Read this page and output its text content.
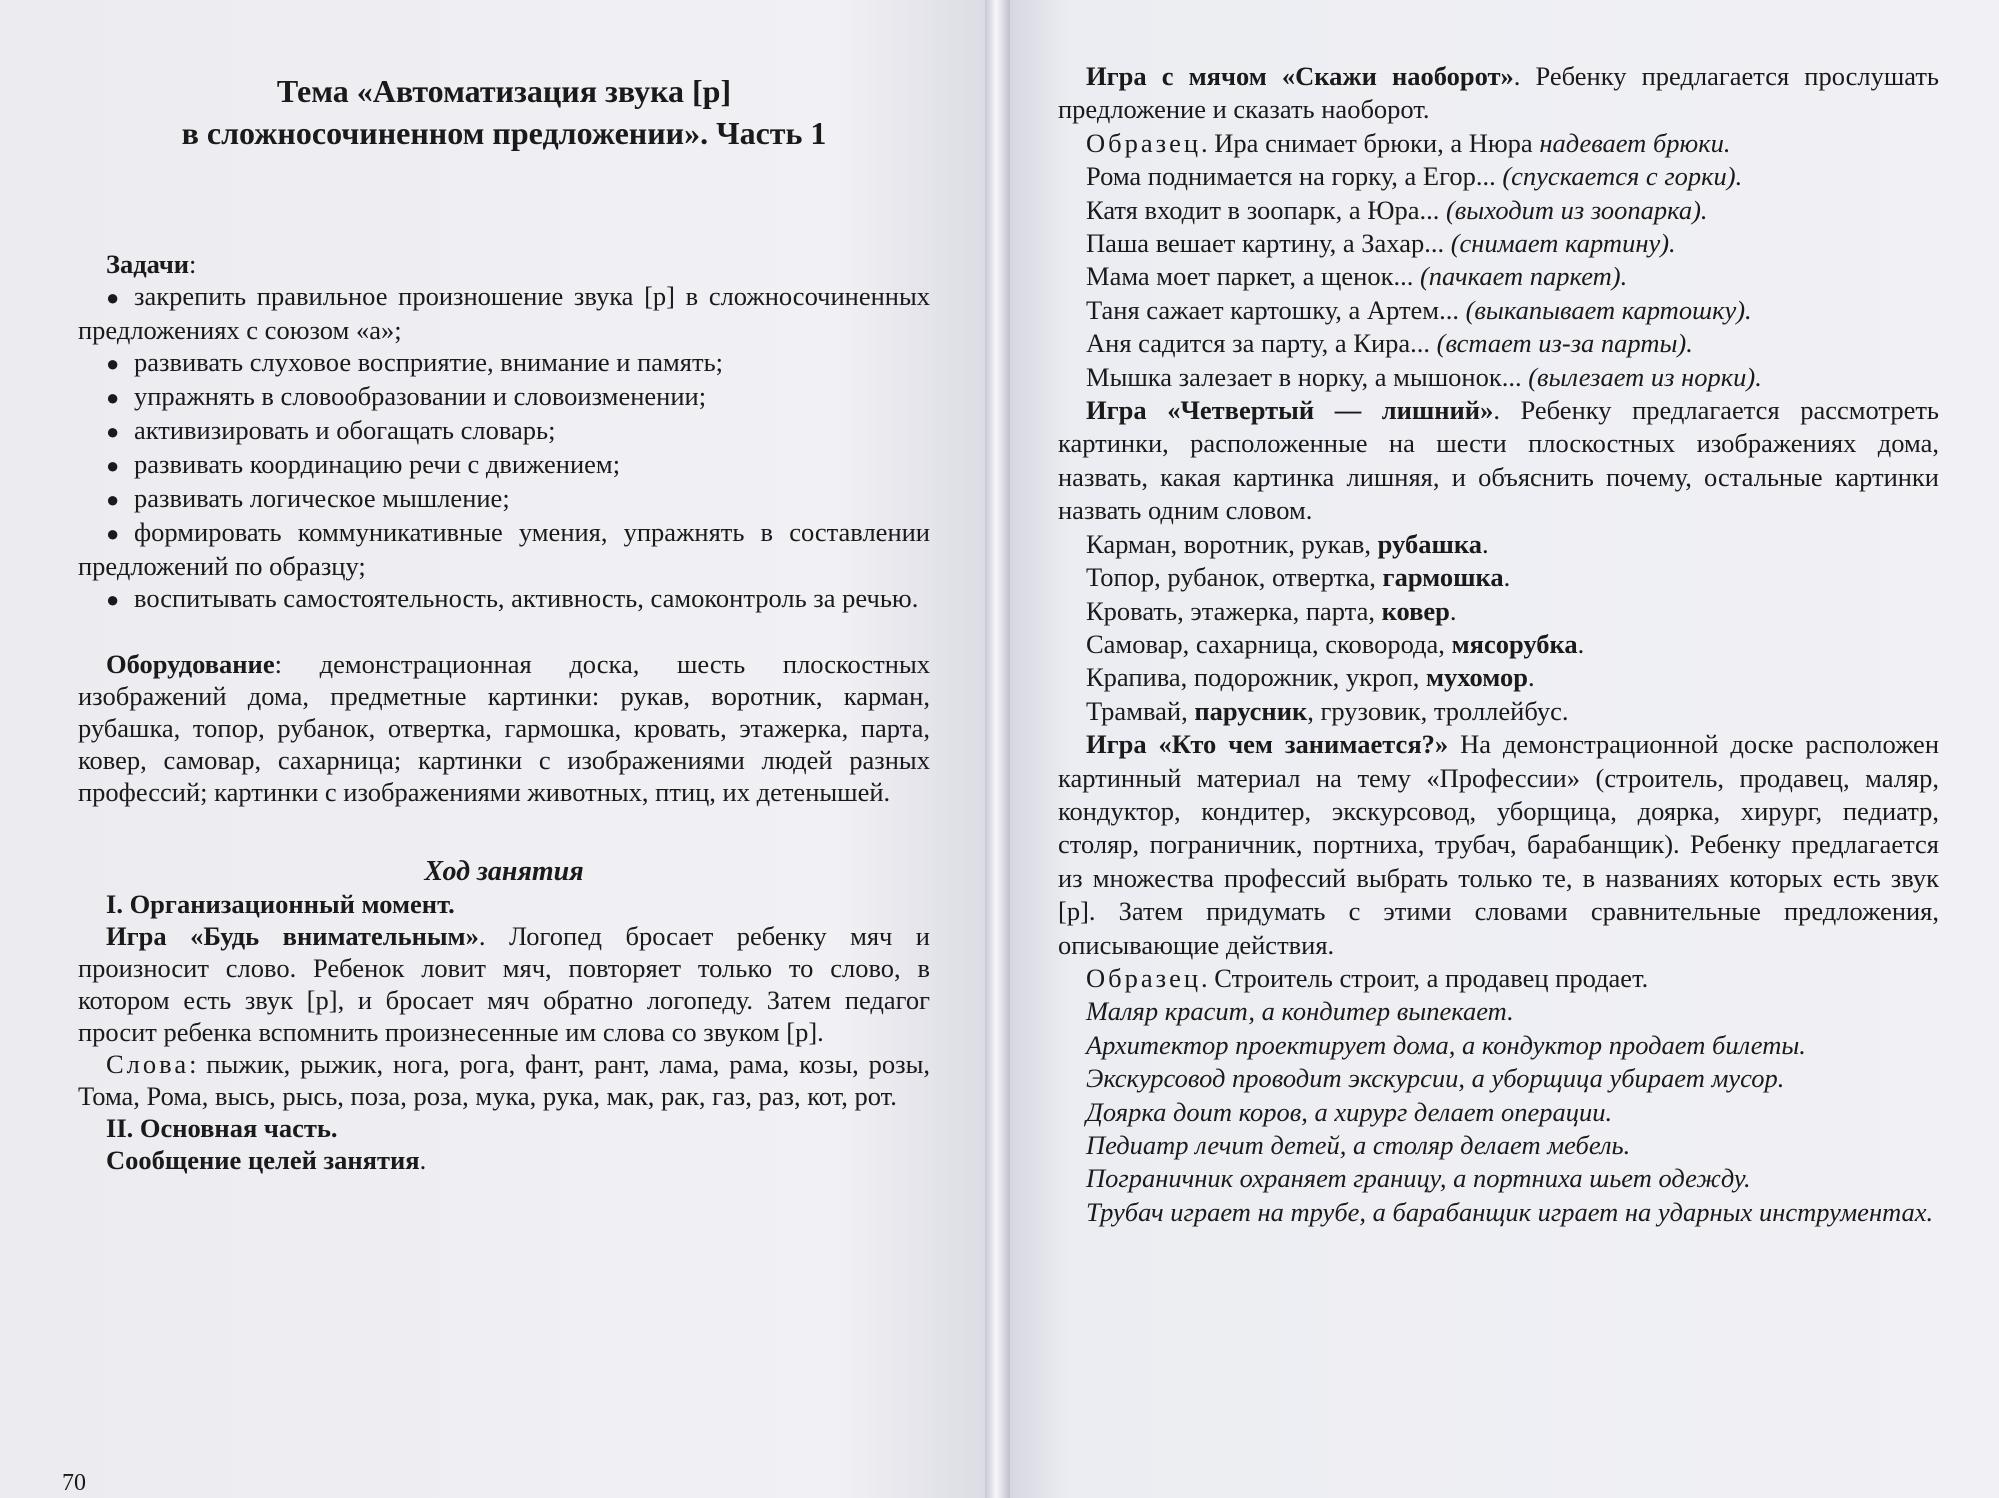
Тема «Автоматизация звука [р]
в сложносочиненном предложении». Часть 1

Задачи:

● закрепить правильное произношение звука [р] в сложносочиненных предложениях с союзом «а»;
● развивать слуховое восприятие, внимание и память;
● упражнять в словообразовании и словоизменении;
● активизировать и обогащать словарь;
● развивать координацию речи с движением;
● развивать логическое мышление;
● формировать коммуникативные умения, упражнять в составлении предложений по образцу;
● воспитывать самостоятельность, активность, самоконтроль за речью.

Оборудование: демонстрационная доска, шесть плоскостных изображений дома, предметные картинки: рукав, воротник, карман, рубашка, топор, рубанок, отвертка, гармошка, кровать, этажерка, парта, ковер, самовар, сахарница; картинки с изображениями людей разных профессий; картинки с изображениями животных, птиц, их детенышей.

Ход занятия

I. Организационный момент.

Игра «Будь внимательным». Логопед бросает ребенку мяч и произносит слово. Ребенок ловит мяч, повторяет только то слово, в котором есть звук [р], и бросает мяч обратно логопеду. Затем педагог просит ребенка вспомнить произнесенные им слова со звуком [р].

Слова: пыжик, рыжик, нога, рога, фант, рант, лама, рама, козы, розы, Тома, Рома, высь, рысь, поза, роза, мука, рука, мак, рак, газ, раз, кот, рот.

II. Основная часть.

Сообщение целей занятия.

70

Игра с мячом «Скажи наоборот». Ребенку предлагается прослушать предложение и сказать наоборот.

Образец. Ира снимает брюки, а Нюра надевает брюки.

Рома поднимается на горку, а Егор... (спускается с горки).

Катя входит в зоопарк, а Юра... (выходит из зоопарка).

Паша вешает картину, а Захар... (снимает картину).

Мама моет паркет, а щенок... (пачкает паркет).

Таня сажает картошку, а Артем... (выкапывает картошку).

Аня садится за парту, а Кира... (встает из-за парты).

Мышка залезает в норку, а мышонок... (вылезает из норки).

Игра «Четвертый — лишний». Ребенку предлагается рассмотреть картинки, расположенные на шести плоскостных изображениях дома, назвать, какая картинка лишняя, и объяснить почему, остальные картинки назвать одним словом.

Карман, воротник, рукав, рубашка.

Топор, рубанок, отвертка, гармошка.

Кровать, этажерка, парта, ковер.

Самовар, сахарница, сковорода, мясорубка.

Крапива, подорожник, укроп, мухомор.

Трамвай, парусник, грузовик, троллейбус.

Игра «Кто чем занимается?» На демонстрационной доске расположен картинный материал на тему «Профессии» (строитель, продавец, маляр, кондуктор, кондитер, экскурсовод, уборщица, доярка, хирург, педиатр, столяр, пограничник, портниха, трубач, барабанщик). Ребенку предлагается из множества профессий выбрать только те, в названиях которых есть звук [р]. Затем придумать с этими словами сравнительные предложения, описывающие действия.

Образец. Строитель строит, а продавец продает.

Маляр красит, а кондитер выпекает.

Архитектор проектирует дома, а кондуктор продает билеты.

Экскурсовод проводит экскурсии, а уборщица убирает мусор.

Доярка доит коров, а хирург делает операции.

Педиатр лечит детей, а столяр делает мебель.

Пограничник охраняет границу, а портниха шьет одежду.

Трубач играет на трубе, а барабанщик играет на ударных инструментах.
